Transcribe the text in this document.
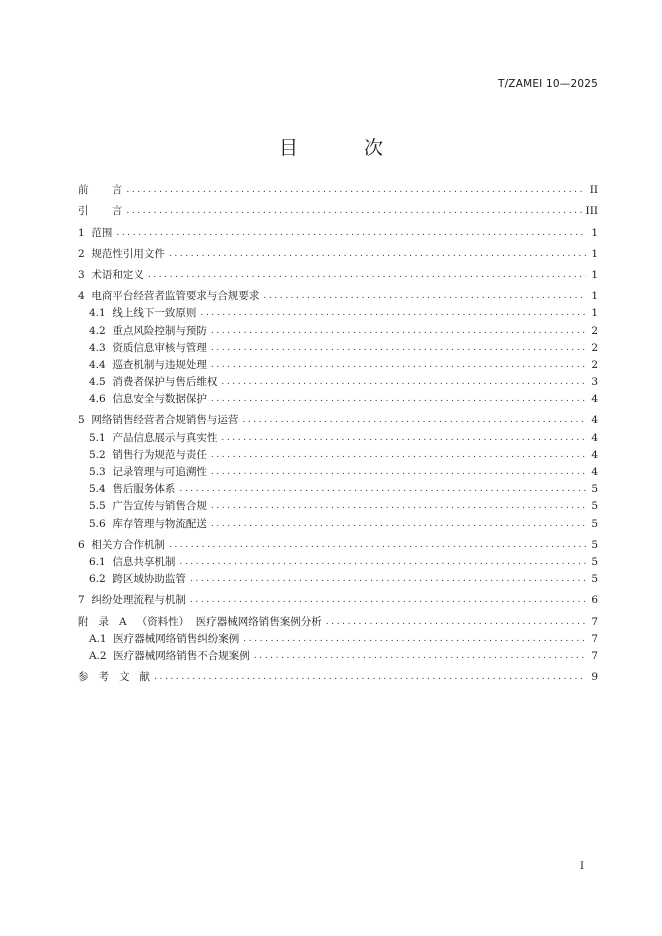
T/ZAMEI 10—2025
目 次
前       言 .....	II
引       言 .....	III
1  范围 .....	1
2  规范性引用文件 .....	1
3  术语和定义 .....	1
4  电商平台经营者监管要求与合规要求 .....	1
4.1  线上线下一致原则 .....	1
4.2  重点风险控制与预防 .....	2
4.3  资质信息审核与管理 .....	2
4.4  巡查机制与违规处理 .....	2
4.5  消费者保护与售后维权 .....	3
4.6  信息安全与数据保护 .....	4
5  网络销售经营者合规销售与运营 .....	4
5.1  产品信息展示与真实性 .....	4
5.2  销售行为规范与责任 .....	4
5.3  记录管理与可追溯性 .....	4
5.4  售后服务体系 .....	5
5.5  广告宣传与销售合规 .....	5
5.6  库存管理与物流配送 .....	5
6  相关方合作机制 .....	5
6.1  信息共享机制 .....	5
6.2  跨区域协助监管 .....	5
7  纠纷处理流程与机制 .....	6
附   录   A   （资料性）  医疗器械网络销售案例分析 .....	7
A.1  医疗器械网络销售纠纷案例 .....	7
A.2  医疗器械网络销售不合规案例 .....	7
参   考   文   献 .....	9
I
